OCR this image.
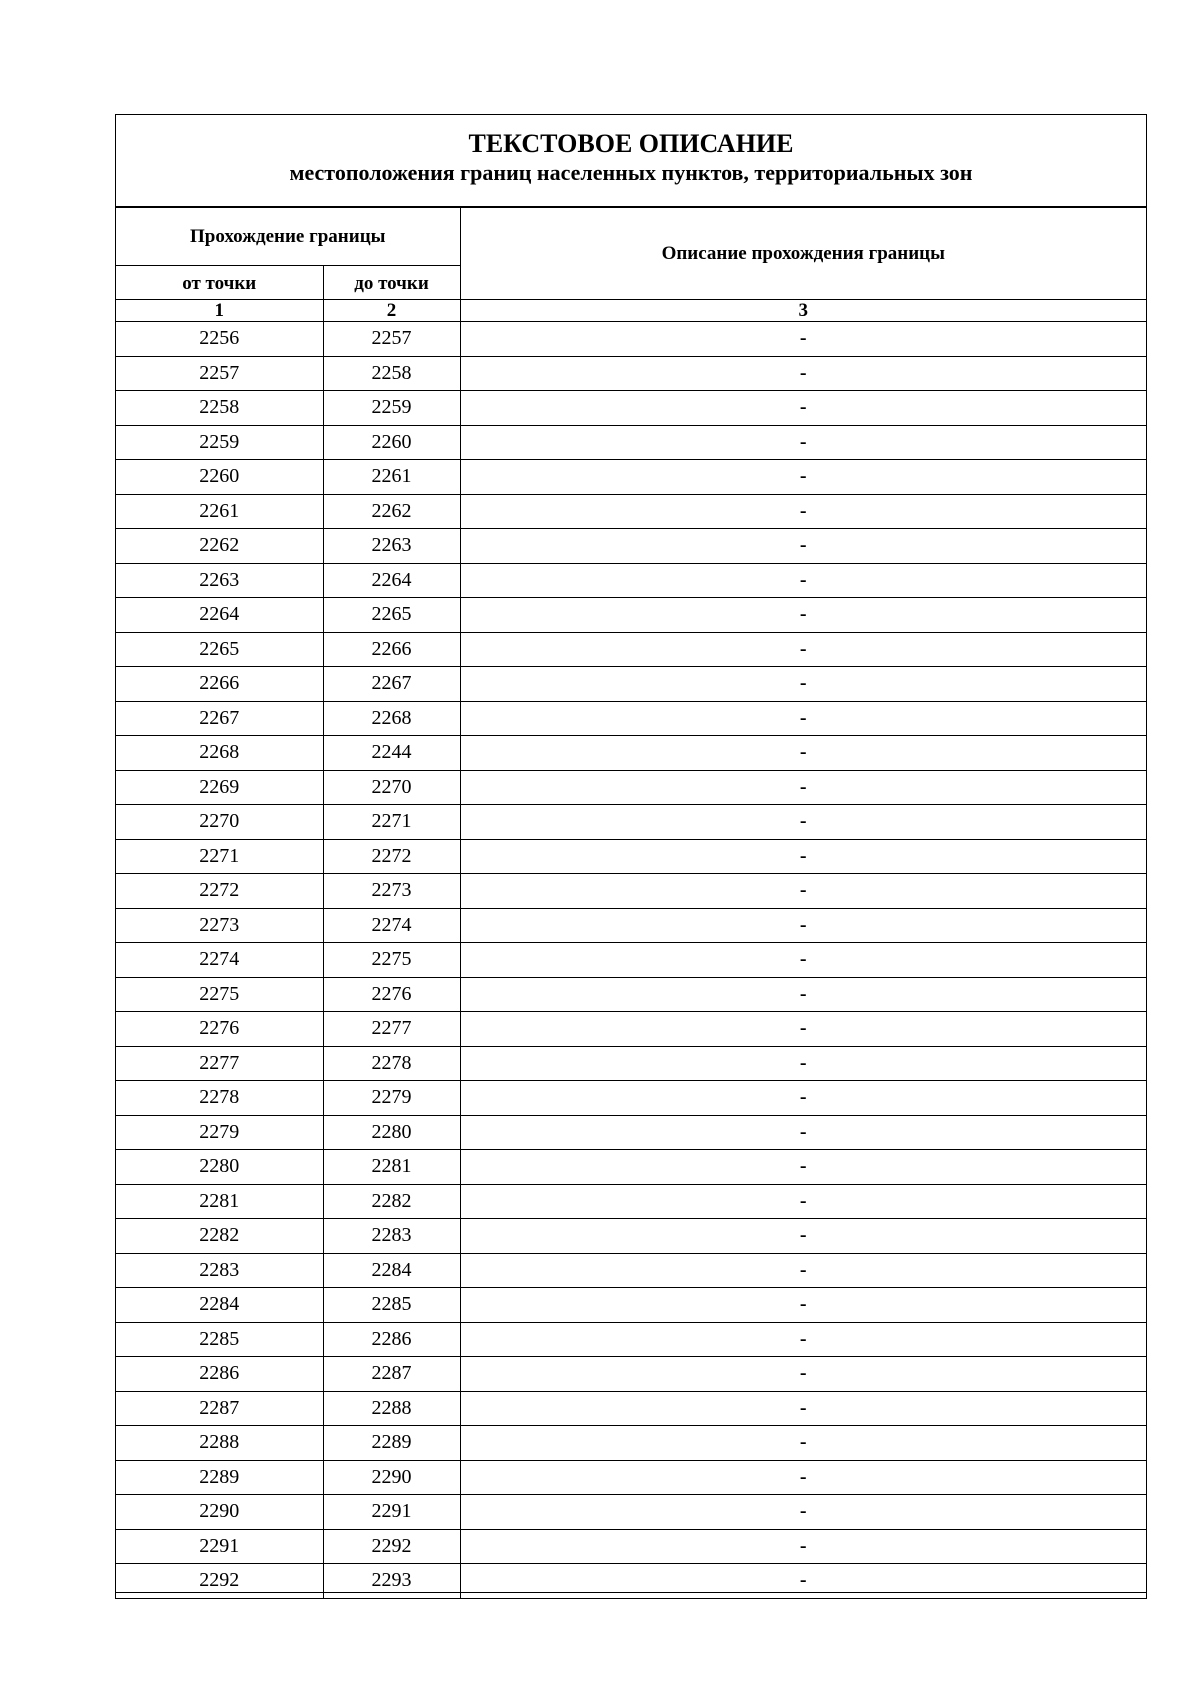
ТЕКСТОВОЕ ОПИСАНИЕ
местоположения границ населенных пунктов, территориальных зон
Прохождение границы		Описание прохождения границы
от точки	до точки	
1	2	3
2256	2257	-
2257	2258	-
2258	2259	-
2259	2260	-
2260	2261	-
2261	2262	-
2262	2263	-
2263	2264	-
2264	2265	-
2265	2266	-
2266	2267	-
2267	2268	-
2268	2244	-
2269	2270	-
2270	2271	-
2271	2272	-
2272	2273	-
2273	2274	-
2274	2275	-
2275	2276	-
2276	2277	-
2277	2278	-
2278	2279	-
2279	2280	-
2280	2281	-
2281	2282	-
2282	2283	-
2283	2284	-
2284	2285	-
2285	2286	-
2286	2287	-
2287	2288	-
2288	2289	-
2289	2290	-
2290	2291	-
2291	2292	-
2292	2293	-
